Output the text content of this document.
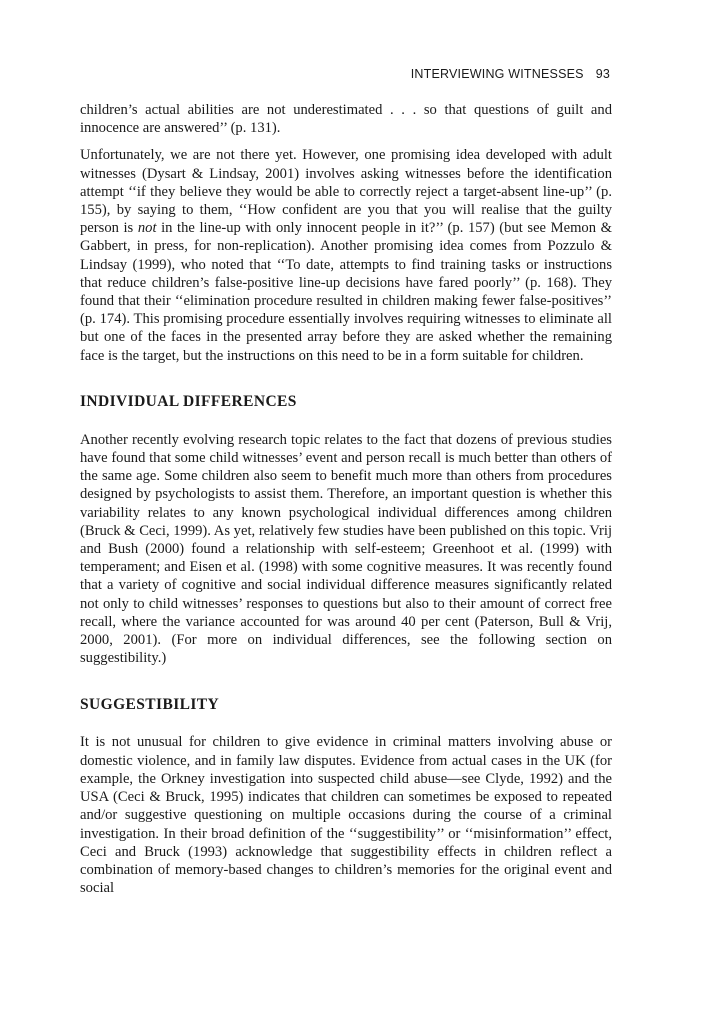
INTERVIEWING WITNESSES 93

children’s actual abilities are not underestimated . . . so that questions of guilt and innocence are answered’’ (p. 131).

Unfortunately, we are not there yet. However, one promising idea developed with adult witnesses (Dysart & Lindsay, 2001) involves asking witnesses before the identification attempt ‘‘if they believe they would be able to correctly reject a target-absent line-up’’ (p. 155), by saying to them, ‘‘How confident are you that you will realise that the guilty person is not in the line-up with only innocent people in it?’’ (p. 157) (but see Memon & Gabbert, in press, for non-replication). Another promising idea comes from Pozzulo & Lindsay (1999), who noted that ‘‘To date, attempts to find training tasks or instructions that reduce children’s false-positive line-up decisions have fared poorly’’ (p. 168). They found that their ‘‘elimination procedure resulted in children making fewer false-positives’’ (p. 174). This promising procedure essentially involves requiring witnesses to eliminate all but one of the faces in the presented array before they are asked whether the remaining face is the target, but the instructions on this need to be in a form suitable for children.

INDIVIDUAL DIFFERENCES

Another recently evolving research topic relates to the fact that dozens of previous studies have found that some child witnesses’ event and person recall is much better than others of the same age. Some children also seem to benefit much more than others from procedures designed by psychologists to assist them. Therefore, an important question is whether this variability relates to any known psychological individual differences among children (Bruck & Ceci, 1999). As yet, relatively few studies have been published on this topic. Vrij and Bush (2000) found a relationship with self-esteem; Greenhoot et al. (1999) with temperament; and Eisen et al. (1998) with some cognitive measures. It was recently found that a variety of cognitive and social individual difference measures significantly related not only to child witnesses’ responses to questions but also to their amount of correct free recall, where the variance accounted for was around 40 per cent (Paterson, Bull & Vrij, 2000, 2001). (For more on individual differences, see the following section on suggestibility.)

SUGGESTIBILITY

It is not unusual for children to give evidence in criminal matters involving abuse or domestic violence, and in family law disputes. Evidence from actual cases in the UK (for example, the Orkney investigation into suspected child abuse—see Clyde, 1992) and the USA (Ceci & Bruck, 1995) indicates that children can sometimes be exposed to repeated and/or suggestive questioning on multiple occasions during the course of a criminal investigation. In their broad definition of the ‘‘suggestibility’’ or ‘‘misinformation’’ effect, Ceci and Bruck (1993) acknowledge that suggestibility effects in children reflect a combination of memory-based changes to children’s memories for the original event and social
